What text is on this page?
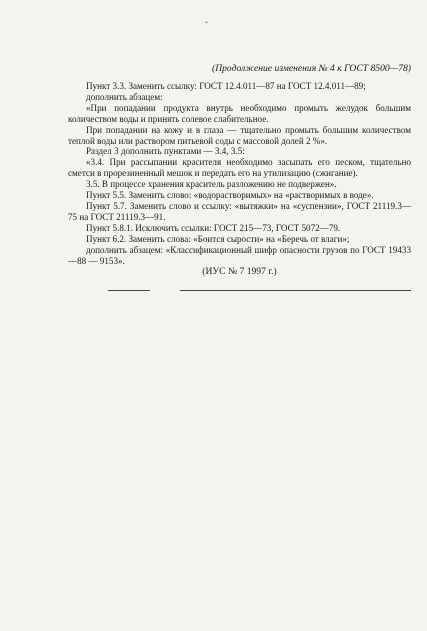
ˇ
(Продолжение изменения № 4 к ГОСТ 8500—78)

Пункт 3.3. Заменить ссылку: ГОСТ 12.4.011—87 на ГОСТ 12.4.011—89;

дополнить абзацем:

«При попадании продукта внутрь необходимо промыть желудок большим количеством воды и принять солевое слабительное.

При попадании на кожу и в глаза — тщательно промыть большим количеством теплой воды или раствором питьевой соды с массовой долей 2 %».

Раздел 3 дополнить пунктами — 3.4, 3.5:

«3.4. При рассыпании красителя необходимо засыпать его песком, тщательно сметси в прорезиненный мешок и передать его на утилизацию (сжигание).

3.5. В процессе хранения краситель разложению не подвержен».

Пункт 5.5. Заменить слово: «водорастворимых» на «растворимых в воде».

Пункт 5.7. Заменить слово и ссылку: «вытяжки» на «суспензии», ГОСТ 21119.3—75 на ГОСТ 21119.3—91.

Пункт 5.8.1. Исключить ссылки: ГОСТ 215—73, ГОСТ 5072—79.

Пункт 6.2. Заменить слова: «Боится сырости» на «Беречь от влаги»;

дополнить абзацем: «Классификационный шифр опасности грузов по ГОСТ 19433—88 — 9153».

(ИУС № 7 1997 г.)
